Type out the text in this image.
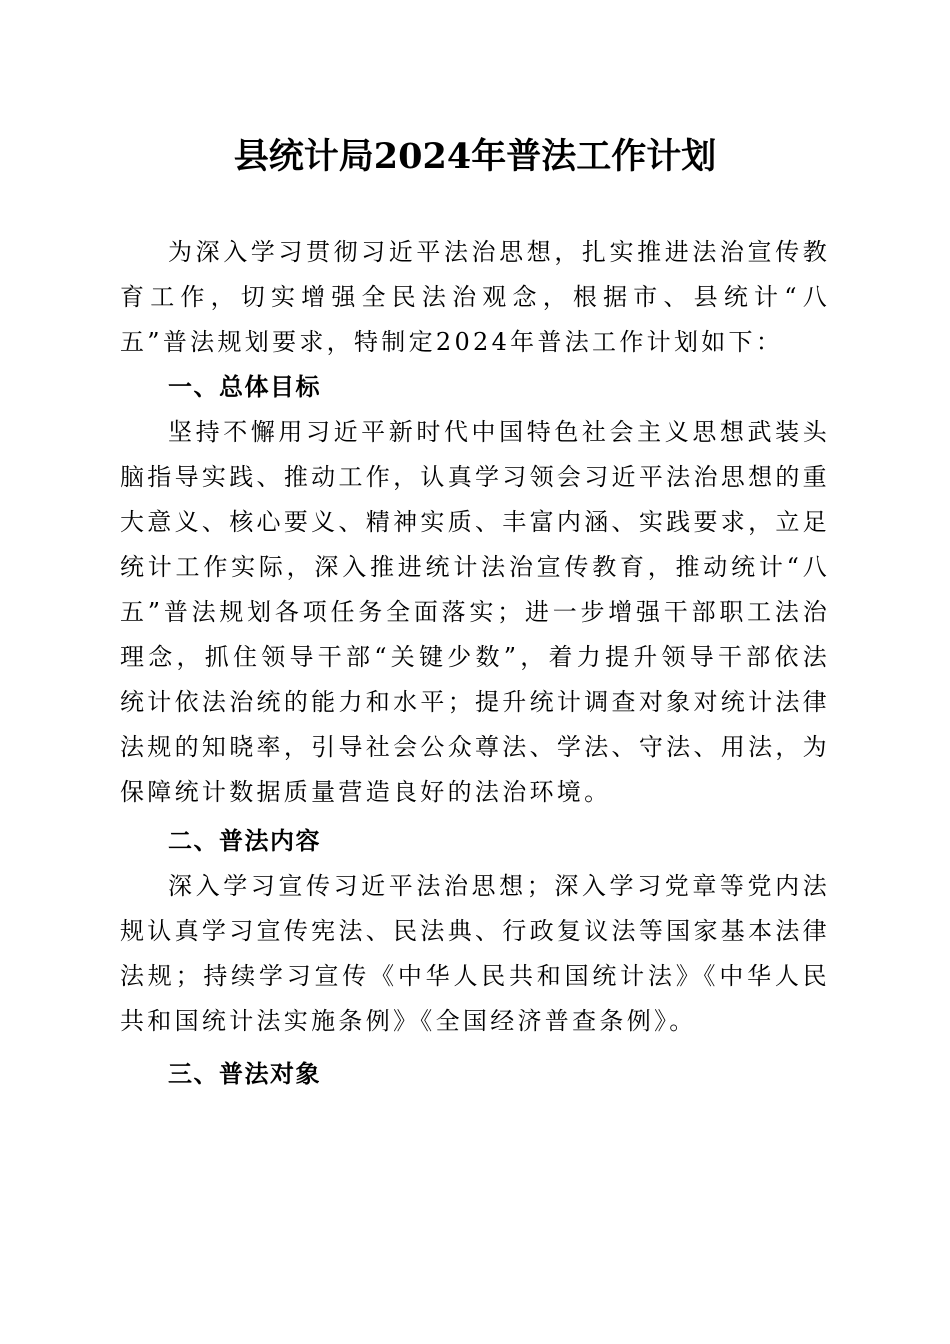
县统计局2024年普法工作计划

为深入学习贯彻习近平法治思想，扎实推进法治宣传教育工作，切实增强全民法治观念，根据市、县统计“八五”普法规划要求，特制定2024年普法工作计划如下：

一、总体目标

坚持不懈用习近平新时代中国特色社会主义思想武装头脑指导实践、推动工作，认真学习领会习近平法治思想的重大意义、核心要义、精神实质、丰富内涵、实践要求，立足统计工作实际，深入推进统计法治宣传教育，推动统计“八五”普法规划各项任务全面落实；进一步增强干部职工法治理念，抓住领导干部“关键少数”，着力提升领导干部依法统计依法治统的能力和水平；提升统计调查对象对统计法律法规的知晓率，引导社会公众尊法、学法、守法、用法，为保障统计数据质量营造良好的法治环境。

二、普法内容

深入学习宣传习近平法治思想；深入学习党章等党内法规认真学习宣传宪法、民法典、行政复议法等国家基本法律法规；持续学习宣传《中华人民共和国统计法》《中华人民共和国统计法实施条例》《全国经济普查条例》。

三、普法对象
